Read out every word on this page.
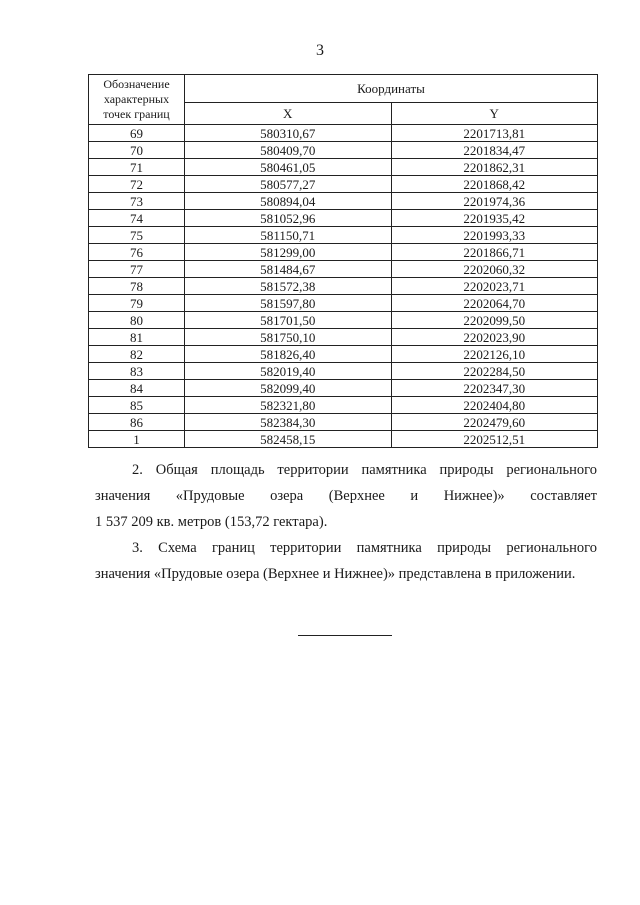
3
Обозначение характерных точек границ	Координаты	
	X	Y
69	580310,67	2201713,81
70	580409,70	2201834,47
71	580461,05	2201862,31
72	580577,27	2201868,42
73	580894,04	2201974,36
74	581052,96	2201935,42
75	581150,71	2201993,33
76	581299,00	2201866,71
77	581484,67	2202060,32
78	581572,38	2202023,71
79	581597,80	2202064,70
80	581701,50	2202099,50
81	581750,10	2202023,90
82	581826,40	2202126,10
83	582019,40	2202284,50
84	582099,40	2202347,30
85	582321,80	2202404,80
86	582384,30	2202479,60
1	582458,15	2202512,51
2. Общая площадь территории памятника природы регионального
значения «Прудовые озера (Верхнее и Нижнее)» составляет
1 537 209 кв. метров (153,72 гектара).
3. Схема границ территории памятника природы регионального
значения «Прудовые озера (Верхнее и Нижнее)» представлена в приложении.
